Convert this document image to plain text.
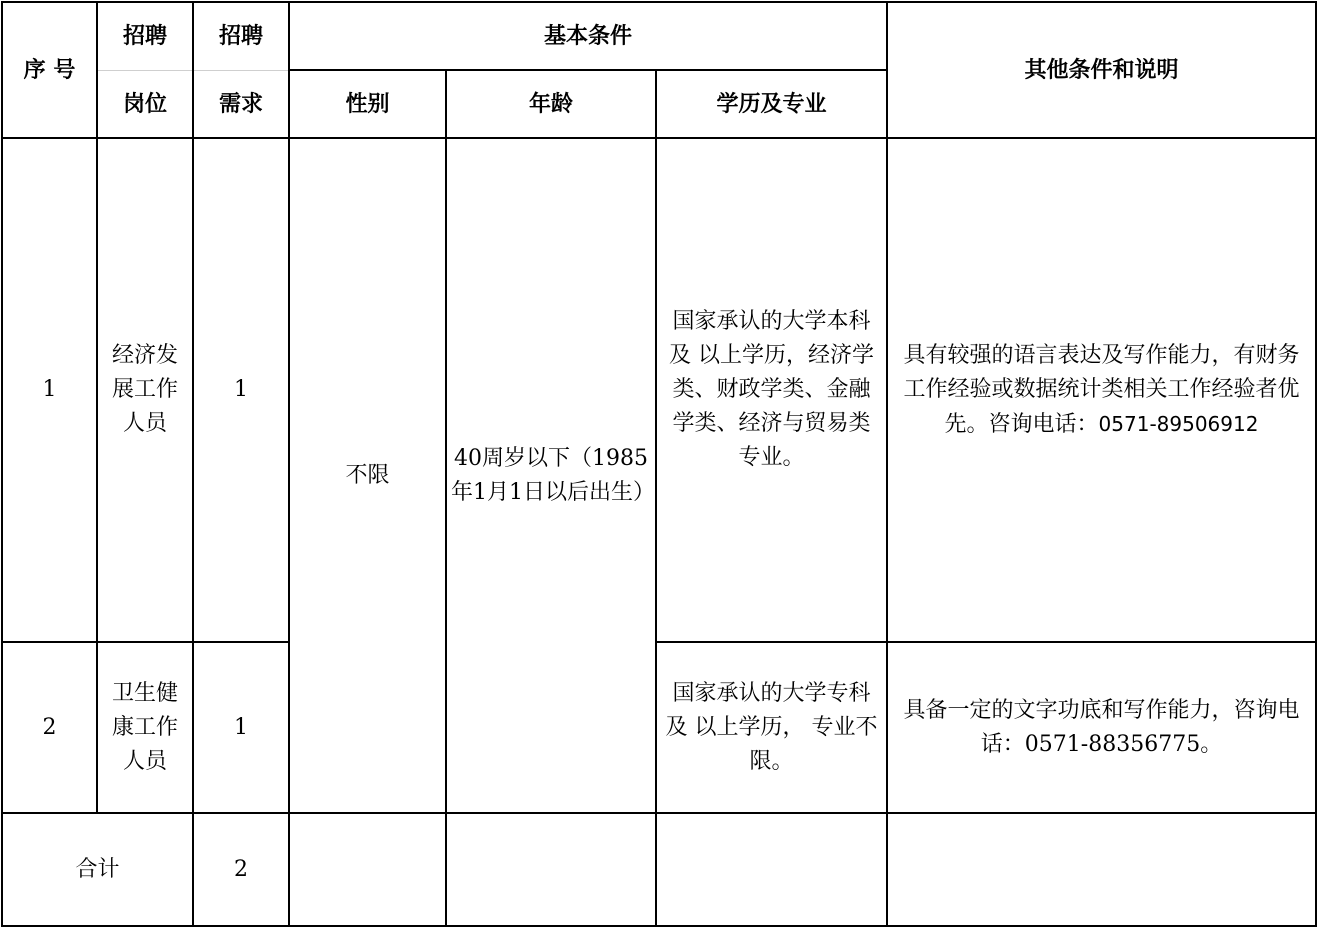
序 号	招聘	招聘	基本条件			其他条件和说明
	岗位	需求	性别	年龄	学历及专业	
1	经济发展工作人员	1	不限	40周岁以下（1985年1月1日以后出生）	国家承认的大学本科及 以上学历，经济学类、财政学类、金融学类、经济与贸易类专业。	具有较强的语言表达及写作能力，有财务工作经验或数据统计类相关工作经验者优先。咨询电话：0571-89506912
2	卫生健康工作人员	1			国家承认的大学专科及 以上学历， 专业不限。	具备一定的文字功底和写作能力，咨询电话：0571-88356775。
合计		2				
